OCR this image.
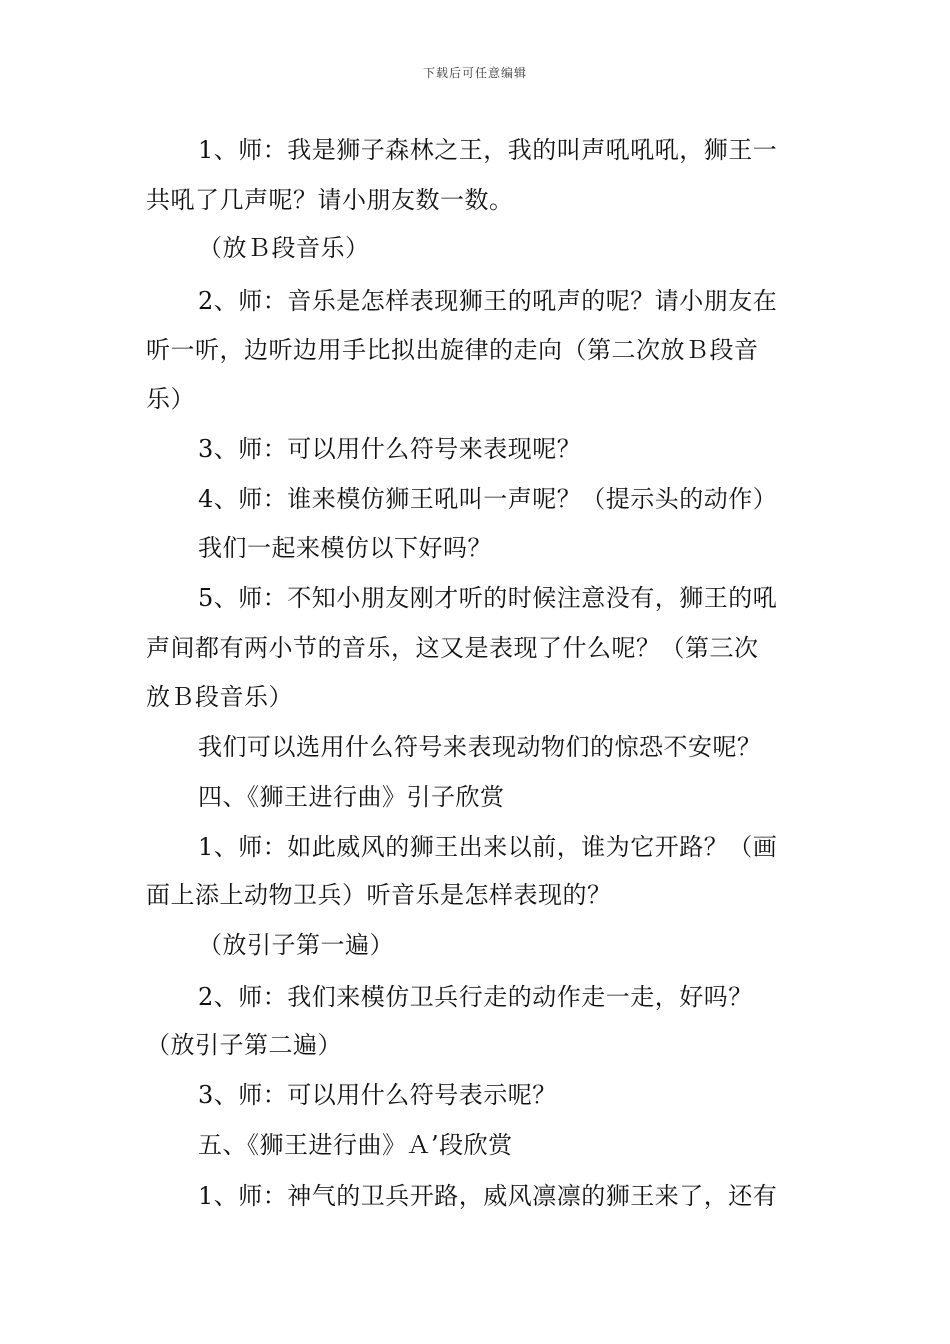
下载后可任意编辑
1、师：我是狮子森林之王，我的叫声吼吼吼，狮王一
共吼了几声呢？请小朋友数一数。
（放Ｂ段音乐）
2、师：音乐是怎样表现狮王的吼声的呢？请小朋友在
听一听，边听边用手比拟出旋律的走向（第二次放Ｂ段音
乐）
3、师：可以用什么符号来表现呢？
4、师：谁来模仿狮王吼叫一声呢？（提示头的动作）
我们一起来模仿以下好吗？
5、师：不知小朋友刚才听的时候注意没有，狮王的吼
声间都有两小节的音乐，这又是表现了什么呢？（第三次
放Ｂ段音乐）
我们可以选用什么符号来表现动物们的惊恐不安呢？
四、《狮王进行曲》引子欣赏
1、师：如此威风的狮王出来以前，谁为它开路？（画
面上添上动物卫兵）听音乐是怎样表现的？
（放引子第一遍）
2、师：我们来模仿卫兵行走的动作走一走，好吗？
（放引子第二遍）
3、师：可以用什么符号表示呢？
五、《狮王进行曲》Ａ’段欣赏
1、师：神气的卫兵开路，威风凛凛的狮王来了，还有
